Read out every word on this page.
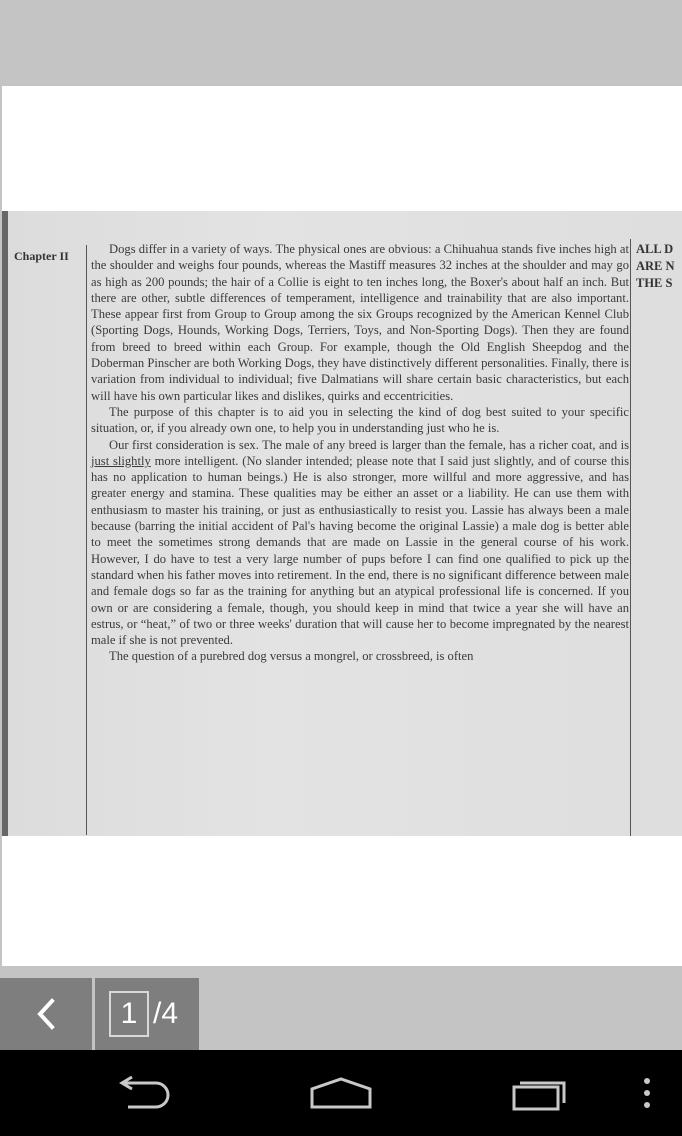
Chapter II	Dogs differ in a variety of ways. The physical ones are obvious: a Chihuahua stands five inches high at the shoulder and weighs four pounds, whereas the Mastiff measures 32 inches at the shoulder and may go as high as 200 pounds; the hair of a Collie is eight to ten inches long, the Boxer's about half an inch. But there are other, subtle differences of temperament, intelligence and trainability that are also important. These appear first from Group to Group among the six Groups recognized by the American Kennel Club (Sporting Dogs, Hounds, Working Dogs, Terriers, Toys, and Non-Sporting Dogs). Then they are found from breed to breed within each Group. For example, though the Old English Sheepdog and the Doberman Pinscher are both Working Dogs, they have distinctively different personalities. Finally, there is variation from individual to individual; five Dalmatians will share certain basic characteristics, but each will have his own particular likes and dislikes, quirks and eccentricities.

The purpose of this chapter is to aid you in selecting the kind of dog best suited to your specific situation, or, if you already own one, to help you in understanding just who he is.

Our first consideration is sex. The male of any breed is larger than the female, has a richer coat, and is just slightly more intelligent. (No slander intended; please note that I said just slightly, and of course this has no application to human beings.) He is also stronger, more willful and more aggressive, and has greater energy and stamina. These qualities may be either an asset or a liability. He can use them with enthusiasm to master his training, or just as enthusiastically to resist you. Lassie has always been a male because (barring the initial accident of Pal's having become the original Lassie) a male dog is better able to meet the sometimes strong demands that are made on Lassie in the general course of his work. However, I do have to test a very large number of pups before I can find one qualified to pick up the standard when his father moves into retirement. In the end, there is no significant difference between male and female dogs so far as the training for anything but an atypical professional life is concerned. If you own or are considering a female, though, you should keep in mind that twice a year she will have an estrus, or “heat,” of two or three weeks' duration that will cause her to become impregnated by the nearest male if she is not prevented.

The question of a purebred dog versus a mongrel, or crossbreed, is often

ALL D
ARE N
THE S
1 /4
